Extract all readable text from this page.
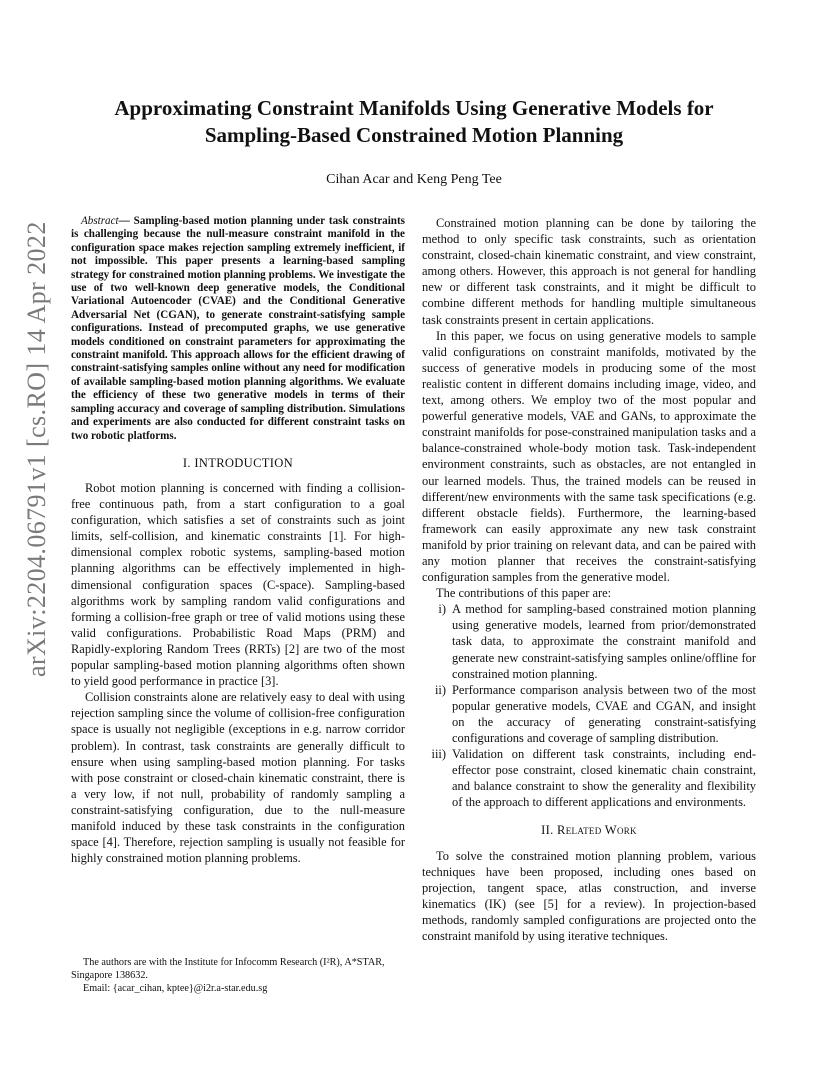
arXiv:2204.06791v1 [cs.RO] 14 Apr 2022
Approximating Constraint Manifolds Using Generative Models for
Sampling-Based Constrained Motion Planning

Cihan Acar and Keng Peng Tee

Abstract— Sampling-based motion planning under task constraints is challenging because the null-measure constraint manifold in the configuration space makes rejection sampling extremely inefficient, if not impossible. This paper presents a learning-based sampling strategy for constrained motion planning problems. We investigate the use of two well-known deep generative models, the Conditional Variational Autoencoder (CVAE) and the Conditional Generative Adversarial Net (CGAN), to generate constraint-satisfying sample configurations. Instead of precomputed graphs, we use generative models conditioned on constraint parameters for approximating the constraint manifold. This approach allows for the efficient drawing of constraint-satisfying samples online without any need for modification of available sampling-based motion planning algorithms. We evaluate the efficiency of these two generative models in terms of their sampling accuracy and coverage of sampling distribution. Simulations and experiments are also conducted for different constraint tasks on two robotic platforms.

I. INTRODUCTION

Robot motion planning is concerned with finding a collision-free continuous path, from a start configuration to a goal configuration, which satisfies a set of constraints such as joint limits, self-collision, and kinematic constraints [1]. For high-dimensional complex robotic systems, sampling-based motion planning algorithms can be effectively implemented in high-dimensional configuration spaces (C-space). Sampling-based algorithms work by sampling random valid configurations and forming a collision-free graph or tree of valid motions using these valid configurations. Probabilistic Road Maps (PRM) and Rapidly-exploring Random Trees (RRTs) [2] are two of the most popular sampling-based motion planning algorithms often shown to yield good performance in practice [3].

Collision constraints alone are relatively easy to deal with using rejection sampling since the volume of collision-free configuration space is usually not negligible (exceptions in e.g. narrow corridor problem). In contrast, task constraints are generally difficult to ensure when using sampling-based motion planning. For tasks with pose constraint or closed-chain kinematic constraint, there is a very low, if not null, probability of randomly sampling a constraint-satisfying configuration, due to the null-measure manifold induced by these task constraints in the configuration space [4]. Therefore, rejection sampling is usually not feasible for highly constrained motion planning problems.

The authors are with the Institute for Infocomm Research (I²R), A*STAR, Singapore 138632.

Email: {acar_cihan, kptee}@i2r.a-star.edu.sg

Constrained motion planning can be done by tailoring the method to only specific task constraints, such as orientation constraint, closed-chain kinematic constraint, and view constraint, among others. However, this approach is not general for handling new or different task constraints, and it might be difficult to combine different methods for handling multiple simultaneous task constraints present in certain applications.

In this paper, we focus on using generative models to sample valid configurations on constraint manifolds, motivated by the success of generative models in producing some of the most realistic content in different domains including image, video, and text, among others. We employ two of the most popular and powerful generative models, VAE and GANs, to approximate the constraint manifolds for pose-constrained manipulation tasks and a balance-constrained whole-body motion task. Task-independent environment constraints, such as obstacles, are not entangled in our learned models. Thus, the trained models can be reused in different/new environments with the same task specifications (e.g. different obstacle fields). Furthermore, the learning-based framework can easily approximate any new task constraint manifold by prior training on relevant data, and can be paired with any motion planner that receives the constraint-satisfying configuration samples from the generative model.

The contributions of this paper are:

i) A method for sampling-based constrained motion planning using generative models, learned from prior/demonstrated task data, to approximate the constraint manifold and generate new constraint-satisfying samples online/offline for constrained motion planning.
ii) Performance comparison analysis between two of the most popular generative models, CVAE and CGAN, and insight on the accuracy of generating constraint-satisfying configurations and coverage of sampling distribution.
iii) Validation on different task constraints, including end-effector pose constraint, closed kinematic chain constraint, and balance constraint to show the generality and flexibility of the approach to different applications and environments.
II. Related Work

To solve the constrained motion planning problem, various techniques have been proposed, including ones based on projection, tangent space, atlas construction, and inverse kinematics (IK) (see [5] for a review). In projection-based methods, randomly sampled configurations are projected onto the constraint manifold by using iterative techniques.
